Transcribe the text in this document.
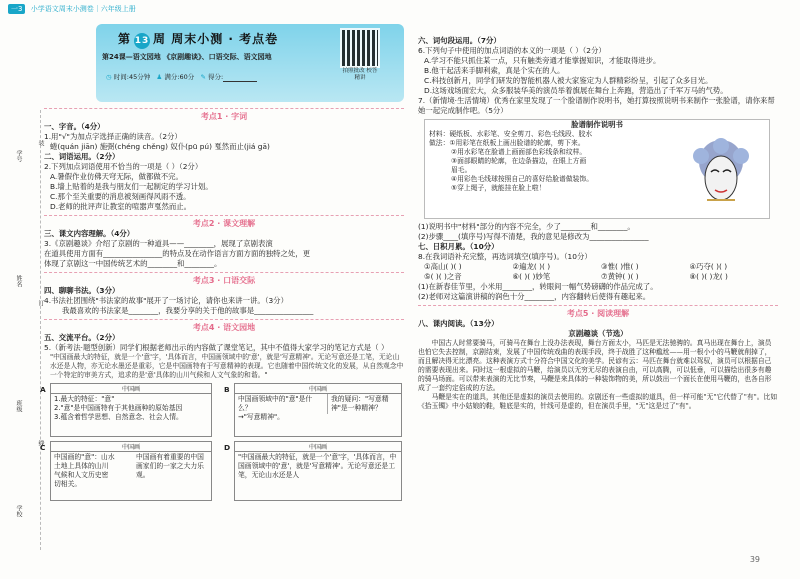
一3 小学语文周末小测卷｜六年级上册
第 13 周 周末小测 · 考点卷
第24课—语文园地 《京剧趣谈》、口语交际、语文园地
◷ 时间:45分钟 ♟ 满分:60分 ✎ 得分:
拍照批改 校答精讲
学号
姓名
班级
学校
装
订
线
考点1 · 字词
一、字音。（4分）
1.用"√"为加点字选择正确的读音。（2分）
蜷(quán jiān) 施弼(chéng chěng) 奴仆(pū pú) 戛然而止(jiá gā)
二、词语运用。（2分）
2.下列加点词语使用不恰当的一项是（ ）（2分）
A.暑假作业仿佛天穹无际，做都做不完。
B.墙上贴着的是我与朋友们一起制定的学习计划。
C.那个至关重要的消息被刻画得风雨不透。
D.老师的批评声让教室的喧嚣声戛然而止。
考点2 · 课文理解
三、课文内容理解。（4分）
3.《京剧趣谈》介绍了京剧的一种道具——________，展现了京剧表演
在道具使用方面有________________的特点及在动作语言方面方面的独特之处，更
体现了京剧这一中国传统艺术的________和________。
考点3 · 口语交际
四、聊聊书法。（3分）
4.书法社团围绕"书法家的故事"展开了一场讨论，请你也来讲一讲。（3分）
我最喜欢的书法家是________，我要分享的关于他的故事是________________
考点4 · 语文园地
五、交流平台。（2分）
5.（新考法·题型创新）同学们根据老师出示的内容做了课堂笔记，其中不值得大家学习的笔记方式是（ ）
"中国画最大的特征，就是一个'意'字，'具体而言，中国画领域中的'意'，就是'写意精神'。无论写意还是工笔，无论山水还是人物，亦无论水墨还是重彩，它是中国画特有于写意精神的表现。它也随着中国传统文化的发展，从自然观念中一个特定的审美方式，追求的是'意'具体的山川气候和人文气象的和谐。"
中国画
1.最大的特征："意"
2."意"是中国画特有于其他画种的原始基因
3.蕴含着哲学思想、自然意念、社会人情。
A	中国画
中国画领域中的"意"是什么？
→"写意精神"。
我的疑问："写意精神"是一种精神？
B
中国画
中国画的"意"：山水
土地上具体的山川
气候和人文历史密
切相关。
中国画有着重要的中国画家们的一家之大力乐观。
C	中国画
"中国画最大的特征，就是一个'意'字，'具体而言，中国画领域中的'意'，就是'写意精神'。无论写意还是工笔，无论山水还是人
D
六、词句段运用。（7分）
6.下列句子中使用的加点词语的本义的一项是（ ）（2分）
A.学习不能只抓住某一点，只有触类旁通才能掌握知识，才能取得进步。
B.他干起活来手脚利索，真是个实在的人。
C.科技创新月，同学们研发的智能机器人被大家鉴定为人群精彩纷呈，引起了众多目光。
D.这场戏场面宏大，众多服装华美的演员举着旗展在舞台上奔跑，营造出了千军万马的气势。
7.（新情境·生活情境）优秀在家里发现了一个脸谱制作说明书，她打算按照说明书来制作一张脸谱，请你来帮她一起完成制作吧。（5分）
脸谱制作说明书
材料：硬纸板、水彩笔、安全剪刀、彩色毛线段、胶水
做法：①用彩笔在纸板上画出脸谱的轮廓，剪下来。
②用水彩笔在脸谱上画面部色彩线条和纹样。
③面部眼睛的轮廓，在边条描边，在眼上方画
眉毛。
④用彩色毛线球按照自己的喜好给脸谱做装饰。
⑤穿上绳子，就能挂在脸上啦！
(1)说明书中"材料"部分的内容不完全，少了________和________。
(2)步骤____(填序号)写得不清楚，我的意见是修改为________________
七、日积月累。（10分）
8.在我词语补充完整，再选词填空(填序号)。（10分）
①高山( )( )	②遍龙( )( )	③惟( )惟( )	④巧夺( )( )
⑤( )( )之音	⑥( )( )妙笔	⑦黄钟( )( )	⑧( )( )龙( )
(1)在新春佳节里，小米用________，转眼间一幅气势磅礴的作品完成了。
(2)老师对这篇演讲稿的润色十分________，内容翻转后使得有趣起来。
考点5 · 阅读理解
八、课内阅读。（13分）
京剧趣谈（节选）
中国古人时常要骑马，可骑马在舞台上没办法表现，舞台方面太小，马匹是无法驰骋的。真马出现在舞台上，演员也怕它失去控制，京剧结束，发展了中国传统戏曲的表现手段，终于战胜了这种尴尬——用一根小小的马鞭就削掉了，而且解决得无比漂亮。这种表演方式十分符合中国文化的美学。民谚有云：马匹在舞台就难以驾驭，演员可以根据自己的需要表现出来。同时这一根虚拟的马鞭，给演员以无穷无尽的表演自由，可以高腾，可以低垂，可以描绘出很多有趣的骑马场面。可以带来表演的无比节奏，马鞭是来具体的一种装饰物的美，所以鼓出一个面长在使用马鞭的，也各自形成了一套约定俗成的方法。
马鞭是实在的道具，其他还是虚拟的演员去使用的。京剧还有一些虚拟的道具，但一样可能"无"它代替了"有"。比如《拾玉镯》中小姑娘的鞋，鞋底是实的，针线可是虚的，但在演员手里，"无"这是过了"有"。
39
